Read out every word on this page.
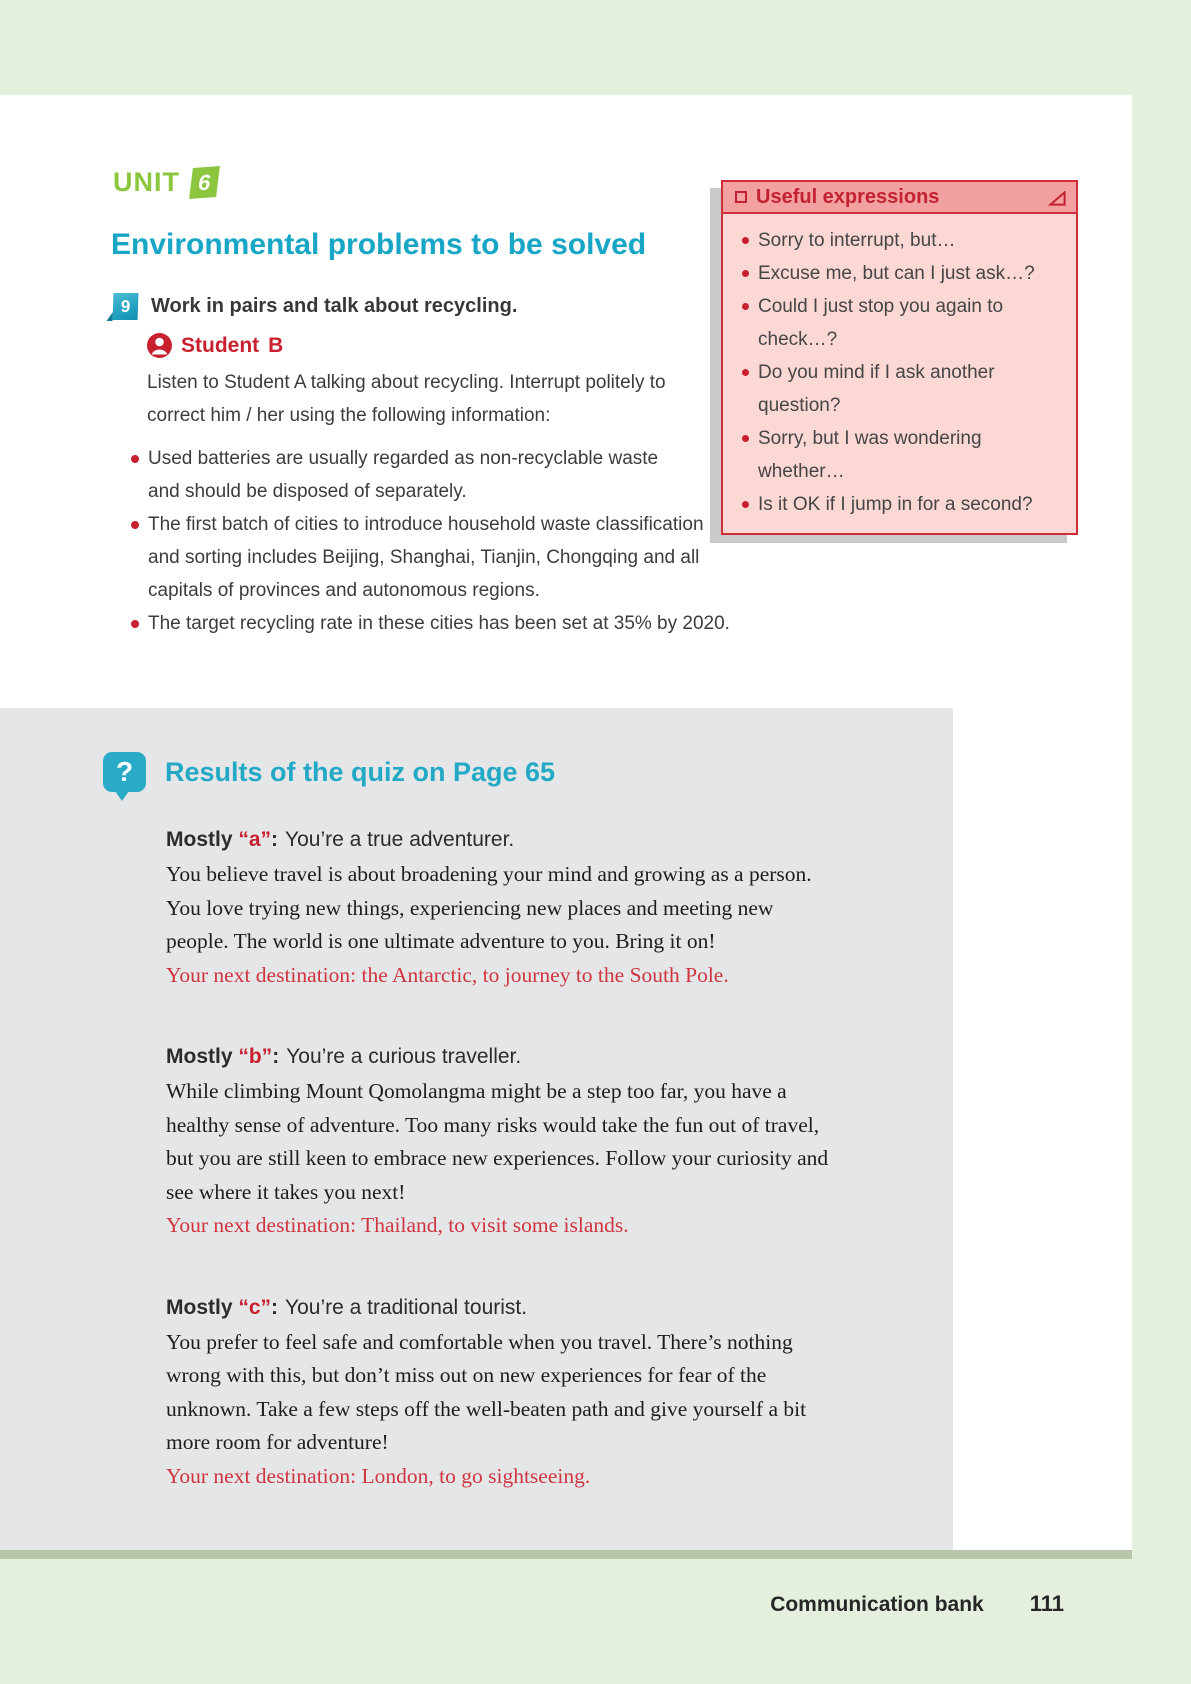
UNIT 6
Environmental problems to be solved
9	Work in pairs and talk about recycling.
Student B

Listen to Student A talking about recycling. Interrupt politely to correct him / her using the following information:

Used batteries are usually regarded as non-recyclable waste and should be disposed of separately.
The first batch of cities to introduce household waste classification and sorting includes Beijing, Shanghai, Tianjin, Chongqing and all capitals of provinces and autonomous regions.
The target recycling rate in these cities has been set at 35% by 2020.
Useful expressions
Sorry to interrupt, but…
Excuse me, but can I just ask…?
Could I just stop you again to check…?
Do you mind if I ask another question?
Sorry, but I was wondering whether…
Is it OK if I jump in for a second?
?	Results of the quiz on Page 65
Mostly “a”: You’re a true adventurer.

You believe travel is about broadening your mind and growing as a person. You love trying new things, experiencing new places and meeting new people. The world is one ultimate adventure to you. Bring it on!

Your next destination: the Antarctic, to journey to the South Pole.

Mostly “b”: You’re a curious traveller.

While climbing Mount Qomolangma might be a step too far, you have a healthy sense of adventure. Too many risks would take the fun out of travel, but you are still keen to embrace new experiences. Follow your curiosity and see where it takes you next!

Your next destination: Thailand, to visit some islands.

Mostly “c”: You’re a traditional tourist.

You prefer to feel safe and comfortable when you travel. There’s nothing wrong with this, but don’t miss out on new experiences for fear of the unknown. Take a few steps off the well-beaten path and give yourself a bit more room for adventure!

Your next destination: London, to go sightseeing.

Communication bank 111
